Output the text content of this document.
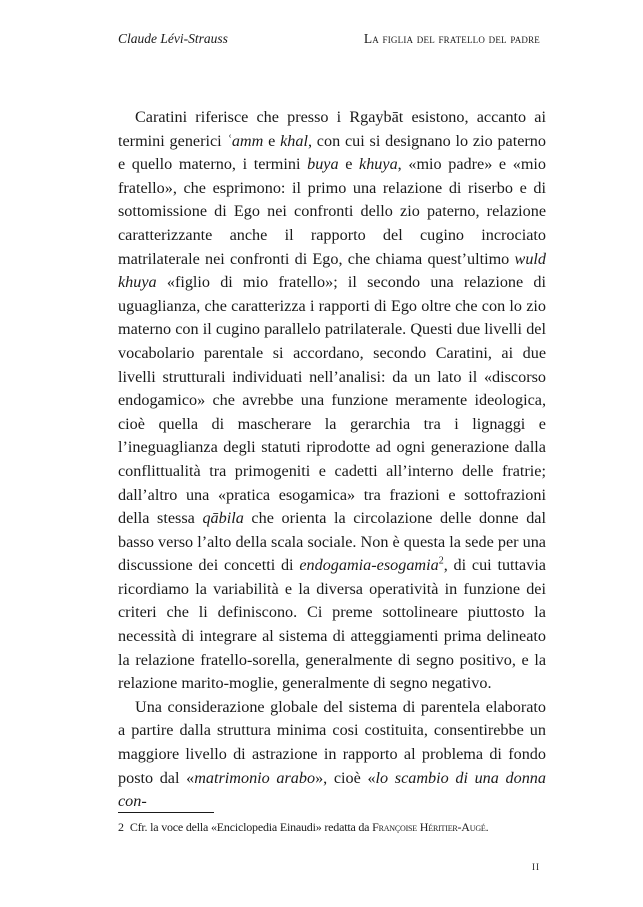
Claude Lévi-Strauss	La figlia del fratello del padre

Caratini riferisce che presso i Rgaybāt esistono, accanto ai termini generici ʿamm e khal, con cui si designano lo zio paterno e quello materno, i termini buya e khuya, «mio padre» e «mio fratello», che esprimono: il primo una relazione di riserbo e di sottomissione di Ego nei confronti dello zio paterno, relazione caratterizzante anche il rapporto del cugino incrociato matrilaterale nei confronti di Ego, che chiama quest’ultimo wuld khuya «figlio di mio fratello»; il secondo una relazione di uguaglianza, che caratterizza i rapporti di Ego oltre che con lo zio materno con il cugino parallelo patrilaterale. Questi due livelli del vocabolario parentale si accordano, secondo Caratini, ai due livelli strutturali individuati nell’analisi: da un lato il «discorso endogamico» che avrebbe una funzione meramente ideologica, cioè quella di mascherare la gerarchia tra i lignaggi e l’ineguaglianza degli statuti riprodotte ad ogni generazione dalla conflittualità tra primogeniti e cadetti all’interno delle fratrie; dall’altro una «pratica esogamica» tra frazioni e sottofrazioni della stessa qābila che orienta la circolazione delle donne dal basso verso l’alto della scala sociale. Non è questa la sede per una discussione dei concetti di endogamia-esogamia$^2$, di cui tuttavia ricordiamo la variabilità e la diversa operatività in funzione dei criteri che li definiscono. Ci preme sottolineare piuttosto la necessità di integrare al sistema di atteggiamenti prima delineato la relazione fratello-sorella, generalmente di segno positivo, e la relazione marito-moglie, generalmente di segno negativo.

Una considerazione globale del sistema di parentela elaborato a partire dalla struttura minima cosi costituita, consentirebbe un maggiore livello di astrazione in rapporto al problema di fondo posto dal «matrimonio arabo», cioè «lo scambio di una donna con-

2 Cfr. la voce della «Enciclopedia Einaudi» redatta da Françoise Héritier-Augé.
ii
